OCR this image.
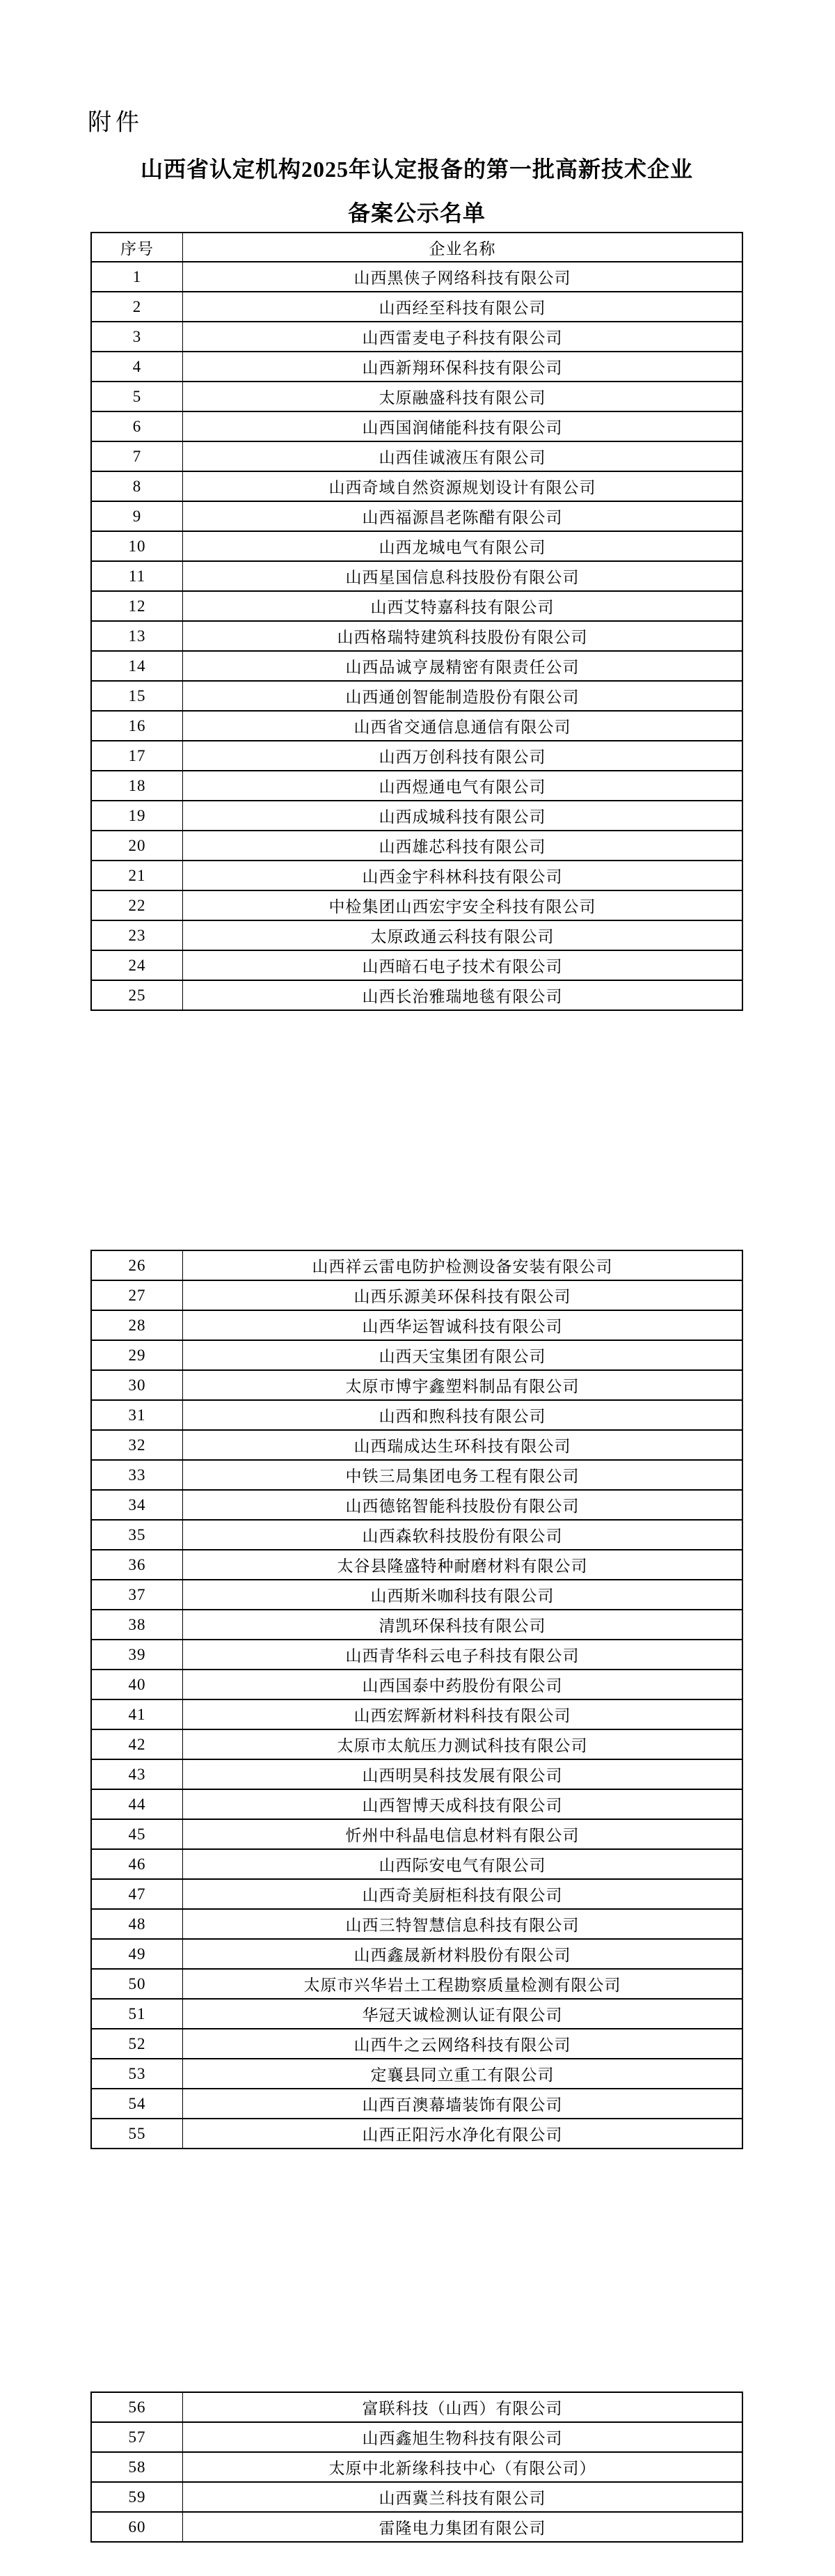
附件
山西省认定机构2025年认定报备的第一批高新技术企业
备案公示名单
序号	企业名称
1	山西黑侠子网络科技有限公司
2	山西经至科技有限公司
3	山西雷麦电子科技有限公司
4	山西新翔环保科技有限公司
5	太原融盛科技有限公司
6	山西国润储能科技有限公司
7	山西佳诚液压有限公司
8	山西奇域自然资源规划设计有限公司
9	山西福源昌老陈醋有限公司
10	山西龙城电气有限公司
11	山西星国信息科技股份有限公司
12	山西艾特嘉科技有限公司
13	山西格瑞特建筑科技股份有限公司
14	山西品诚亨晟精密有限责任公司
15	山西通创智能制造股份有限公司
16	山西省交通信息通信有限公司
17	山西万创科技有限公司
18	山西煜通电气有限公司
19	山西成城科技有限公司
20	山西雄芯科技有限公司
21	山西金宇科林科技有限公司
22	中检集团山西宏宇安全科技有限公司
23	太原政通云科技有限公司
24	山西暗石电子技术有限公司
25	山西长治雅瑞地毯有限公司
26	山西祥云雷电防护检测设备安装有限公司
27	山西乐源美环保科技有限公司
28	山西华运智诚科技有限公司
29	山西天宝集团有限公司
30	太原市博宇鑫塑料制品有限公司
31	山西和煦科技有限公司
32	山西瑞成达生环科技有限公司
33	中铁三局集团电务工程有限公司
34	山西德铭智能科技股份有限公司
35	山西森软科技股份有限公司
36	太谷县隆盛特种耐磨材料有限公司
37	山西斯米咖科技有限公司
38	清凯环保科技有限公司
39	山西青华科云电子科技有限公司
40	山西国泰中药股份有限公司
41	山西宏辉新材料科技有限公司
42	太原市太航压力测试科技有限公司
43	山西明昊科技发展有限公司
44	山西智博天成科技有限公司
45	忻州中科晶电信息材料有限公司
46	山西际安电气有限公司
47	山西奇美厨柜科技有限公司
48	山西三特智慧信息科技有限公司
49	山西鑫晟新材料股份有限公司
50	太原市兴华岩土工程勘察质量检测有限公司
51	华冠天诚检测认证有限公司
52	山西牛之云网络科技有限公司
53	定襄县同立重工有限公司
54	山西百澳幕墙装饰有限公司
55	山西正阳污水净化有限公司
56	富联科技（山西）有限公司
57	山西鑫旭生物科技有限公司
58	太原中北新缘科技中心（有限公司）
59	山西冀兰科技有限公司
60	雷隆电力集团有限公司
